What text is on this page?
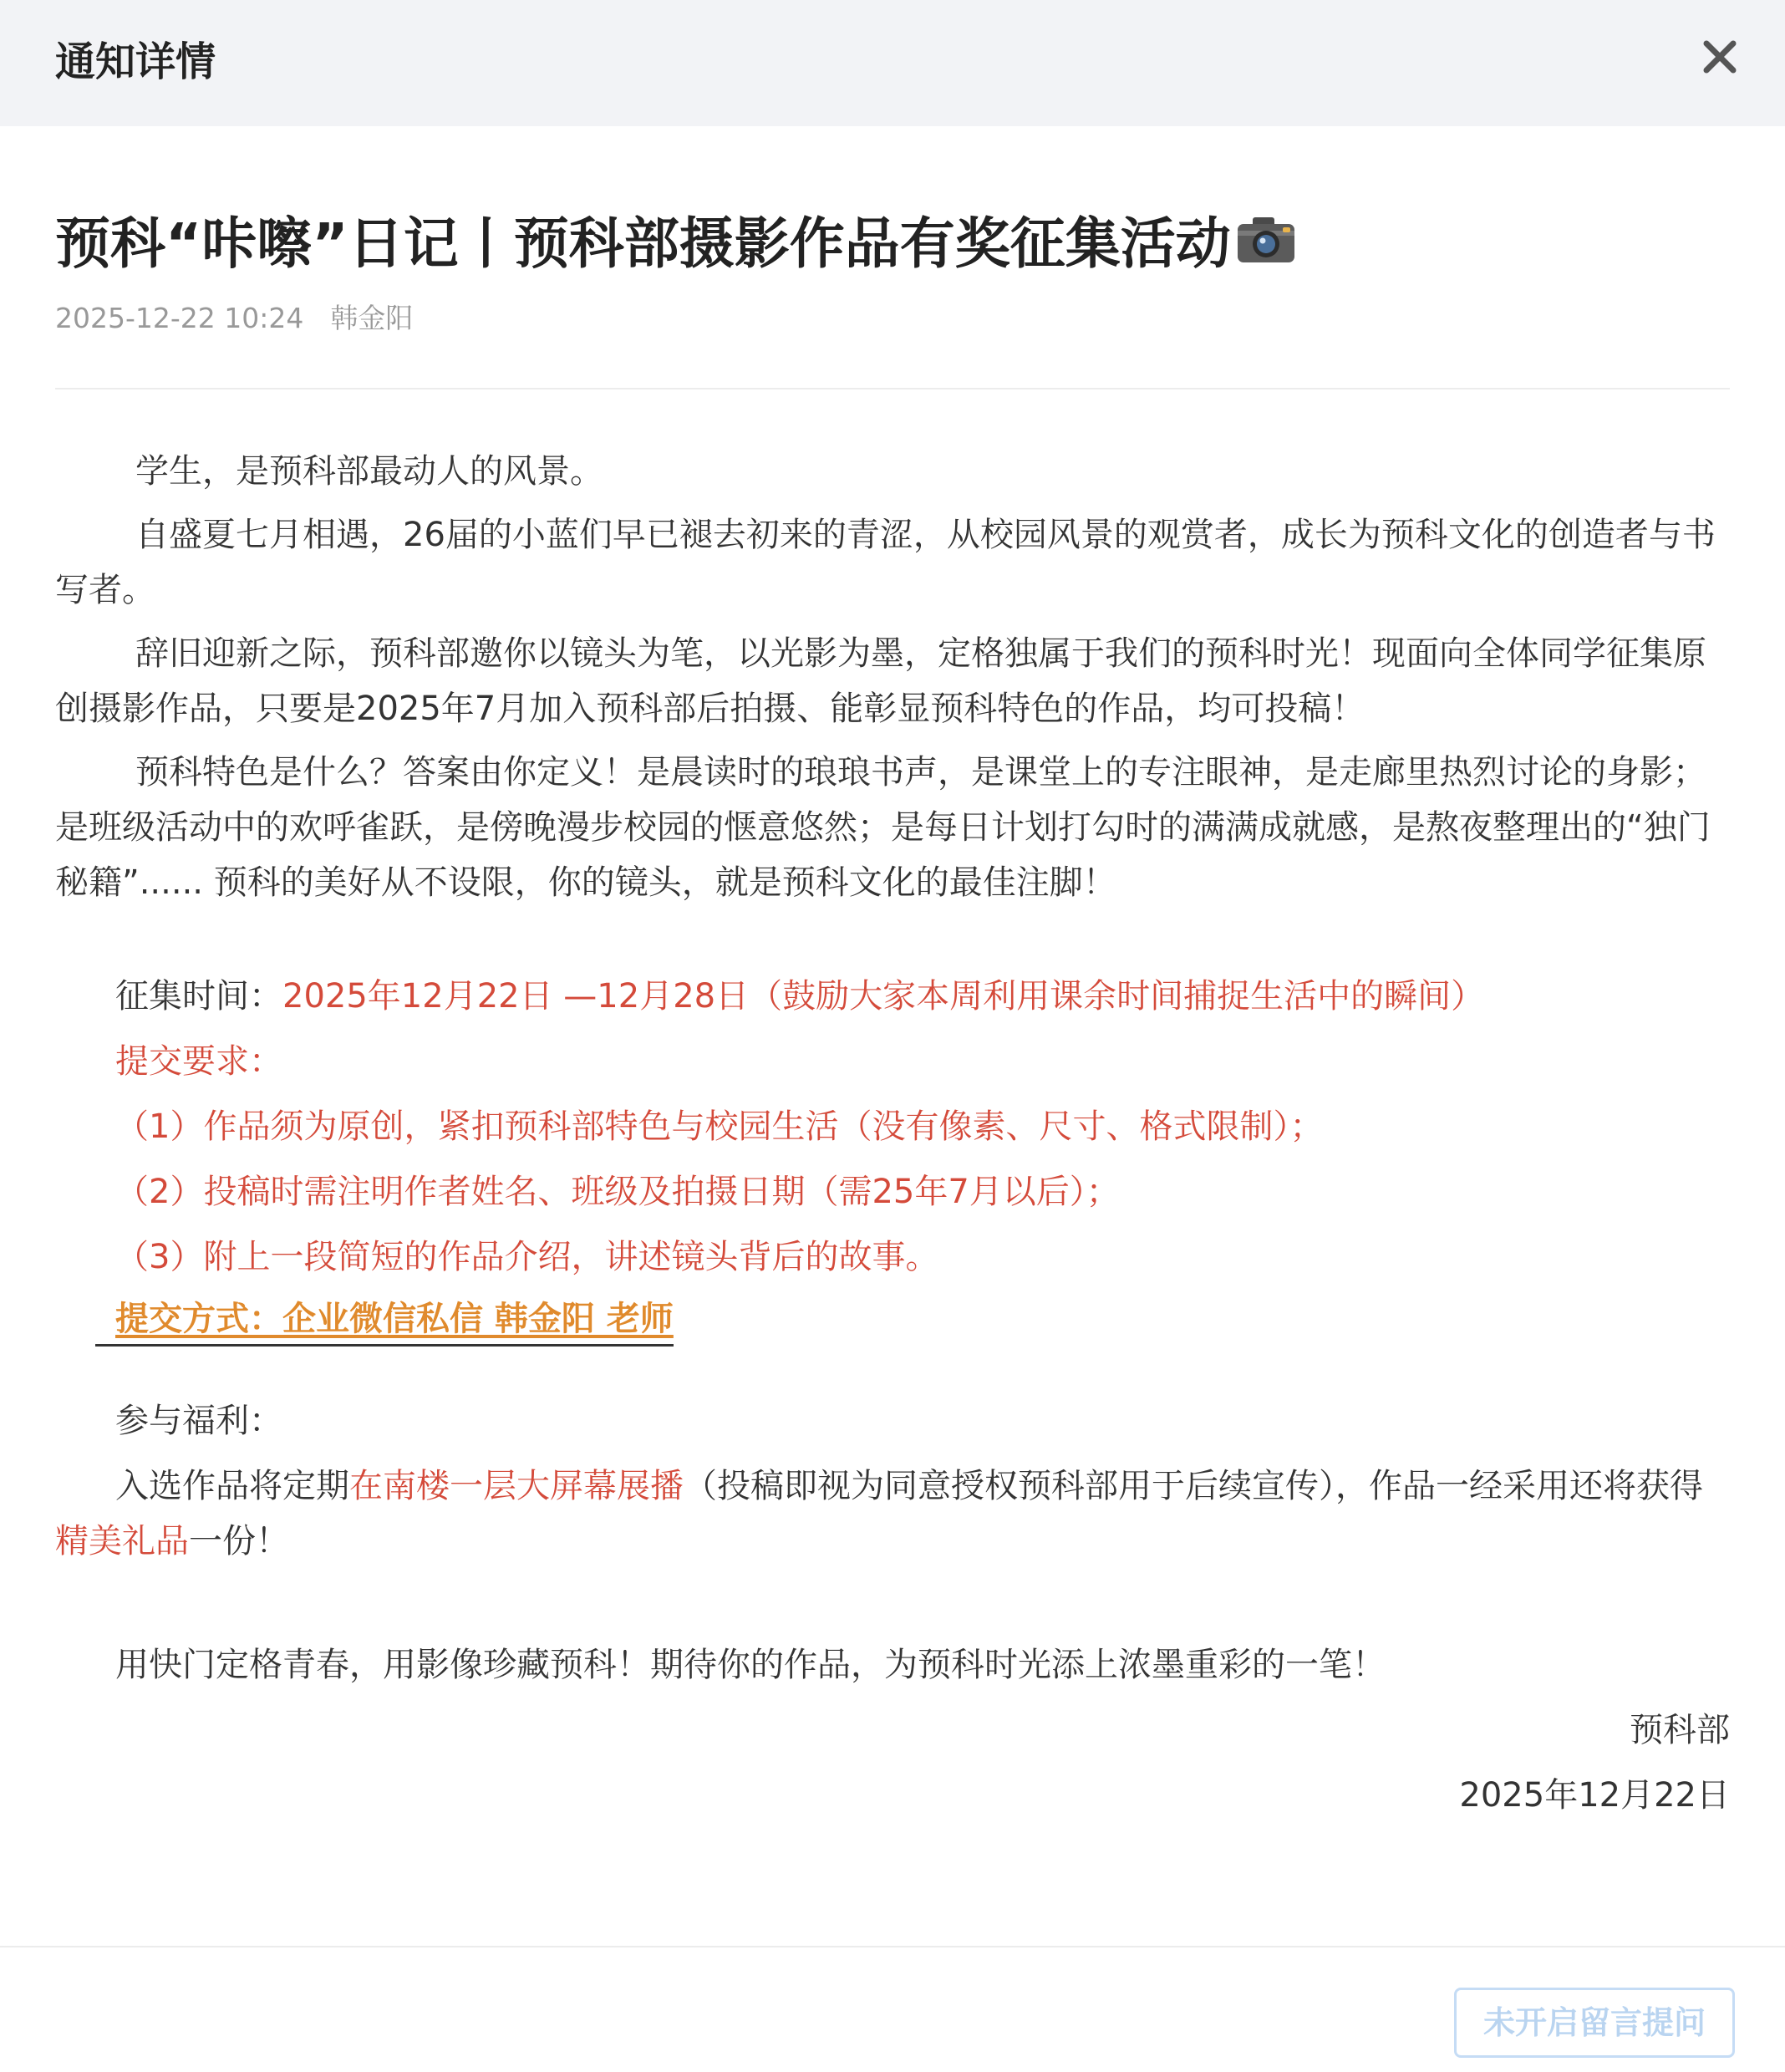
通知详情
预科“咔嚓”日记丨预科部摄影作品有奖征集活动
2025-12-22 10:24 韩金阳

学生，是预科部最动人的风景。

自盛夏七月相遇，26届的小蓝们早已褪去初来的青涩，从校园风景的观赏者，成长为预科文化的创造者与书写者。

辞旧迎新之际，预科部邀你以镜头为笔，以光影为墨，定格独属于我们的预科时光！现面向全体同学征集原创摄影作品，只要是2025年7月加入预科部后拍摄、能彰显预科特色的作品，均可投稿！

预科特色是什么？答案由你定义！是晨读时的琅琅书声，是课堂上的专注眼神，是走廊里热烈讨论的身影；是班级活动中的欢呼雀跃，是傍晚漫步校园的惬意悠然；是每日计划打勾时的满满成就感，是熬夜整理出的“独门秘籍”...... 预科的美好从不设限，你的镜头，就是预科文化的最佳注脚！

征集时间：2025年12月22日 —12月28日（鼓励大家本周利用课余时间捕捉生活中的瞬间）

提交要求：

（1）作品须为原创，紧扣预科部特色与校园生活（没有像素、尺寸、格式限制）；

（2）投稿时需注明作者姓名、班级及拍摄日期（需25年7月以后）；

（3）附上一段简短的作品介绍，讲述镜头背后的故事。

提交方式：企业微信私信 韩金阳 老师

参与福利：

入选作品将定期在南楼一层大屏幕展播（投稿即视为同意授权预科部用于后续宣传），作品一经采用还将获得精美礼品一份！

用快门定格青春，用影像珍藏预科！期待你的作品，为预科时光添上浓墨重彩的一笔！

预科部

2025年12月22日

未开启留言提问
